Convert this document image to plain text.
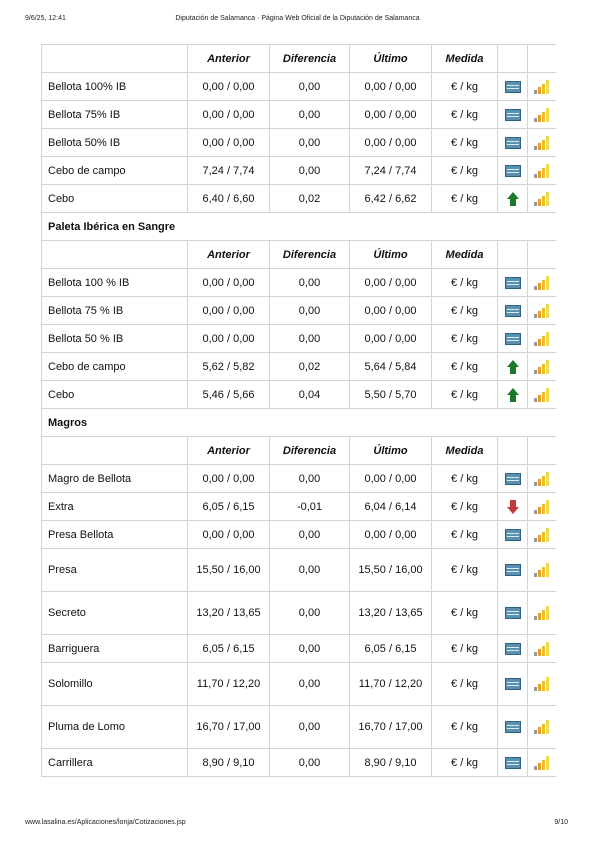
9/6/25, 12:41	Diputación de Salamanca · Página Web Oficial de la Diputación de Salamanca
	Anterior	Diferencia	Último	Medida		
Bellota 100% IB	0,00 / 0,00	0,00	0,00 / 0,00	€ / kg		

Bellota 75% IB	0,00 / 0,00	0,00	0,00 / 0,00	€ / kg		

Bellota 50% IB	0,00 / 0,00	0,00	0,00 / 0,00	€ / kg		

Cebo de campo	7,24 / 7,74	0,00	7,24 / 7,74	€ / kg		

Cebo	6,40 / 6,60	0,02	6,42 / 6,62	€ / kg		

Paleta Ibérica en Sangre						
	Anterior	Diferencia	Último	Medida		
Bellota 100 % IB	0,00 / 0,00	0,00	0,00 / 0,00	€ / kg		

Bellota 75 % IB	0,00 / 0,00	0,00	0,00 / 0,00	€ / kg		

Bellota 50 % IB	0,00 / 0,00	0,00	0,00 / 0,00	€ / kg		

Cebo de campo	5,62 / 5,82	0,02	5,64 / 5,84	€ / kg		

Cebo	5,46 / 5,66	0,04	5,50 / 5,70	€ / kg		

Magros						
	Anterior	Diferencia	Último	Medida		
Magro de Bellota	0,00 / 0,00	0,00	0,00 / 0,00	€ / kg		

Extra	6,05 / 6,15	-0,01	6,04 / 6,14	€ / kg		

Presa Bellota	0,00 / 0,00	0,00	0,00 / 0,00	€ / kg		

Presa	15,50 / 16,00	0,00	15,50 / 16,00	€ / kg		

Secreto	13,20 / 13,65	0,00	13,20 / 13,65	€ / kg		

Barriguera	6,05 / 6,15	0,00	6,05 / 6,15	€ / kg		

Solomillo	11,70 / 12,20	0,00	11,70 / 12,20	€ / kg		

Pluma de Lomo	16,70 / 17,00	0,00	16,70 / 17,00	€ / kg		

Carrillera	8,90 / 9,10	0,00	8,90 / 9,10	€ / kg		
www.lasalina.es/Aplicaciones/lonja/Cotizaciones.jsp	9/10
